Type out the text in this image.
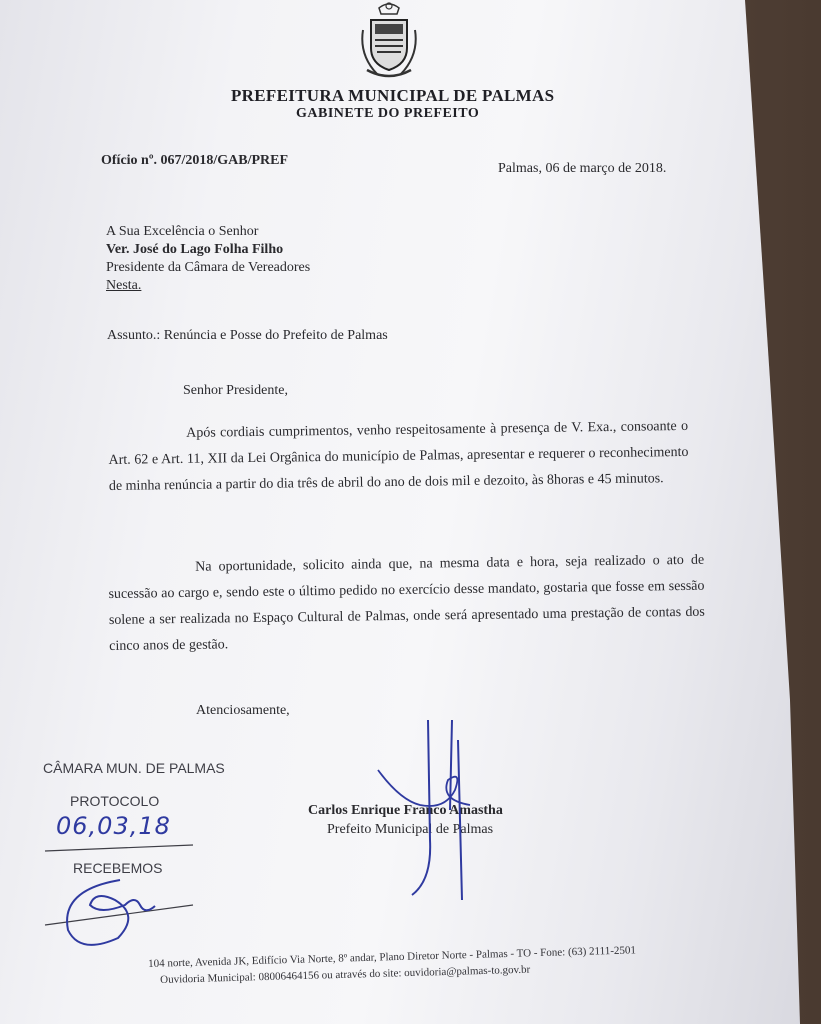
PREFEITURA MUNICIPAL DE PALMAS
GABINETE DO PREFEITO
Ofício nº. 067/2018/GAB/PREF
Palmas, 06 de março de 2018.
A Sua Excelência o Senhor
Ver. José do Lago Folha Filho
Presidente da Câmara de Vereadores
Nesta.
Assunto.: Renúncia e Posse do Prefeito de Palmas
Senhor Presidente,
Após cordiais cumprimentos, venho respeitosamente à presença de V. Exa., consoante o Art. 62 e Art. 11, XII da Lei Orgânica do município de Palmas, apresentar e requerer o reconhecimento de minha renúncia a partir do dia três de abril do ano de dois mil e dezoito, às 8horas e 45 minutos.
Na oportunidade, solicito ainda que, na mesma data e hora, seja realizado o ato de sucessão ao cargo e, sendo este o último pedido no exercício desse mandato, gostaria que fosse em sessão solene a ser realizada no Espaço Cultural de Palmas, onde será apresentado uma prestação de contas dos cinco anos de gestão.
Atenciosamente,
Carlos Enrique Franco Amastha
Prefeito Municipal de Palmas
CÂMARA MUN. DE PALMAS
PROTOCOLO
06,03,18
RECEBEMOS
104 norte, Avenida JK, Edifício Via Norte, 8º andar, Plano Diretor Norte - Palmas - TO - Fone: (63) 2111-2501
Ouvidoria Municipal: 08006464156 ou através do site: ouvidoria@palmas-to.gov.br
